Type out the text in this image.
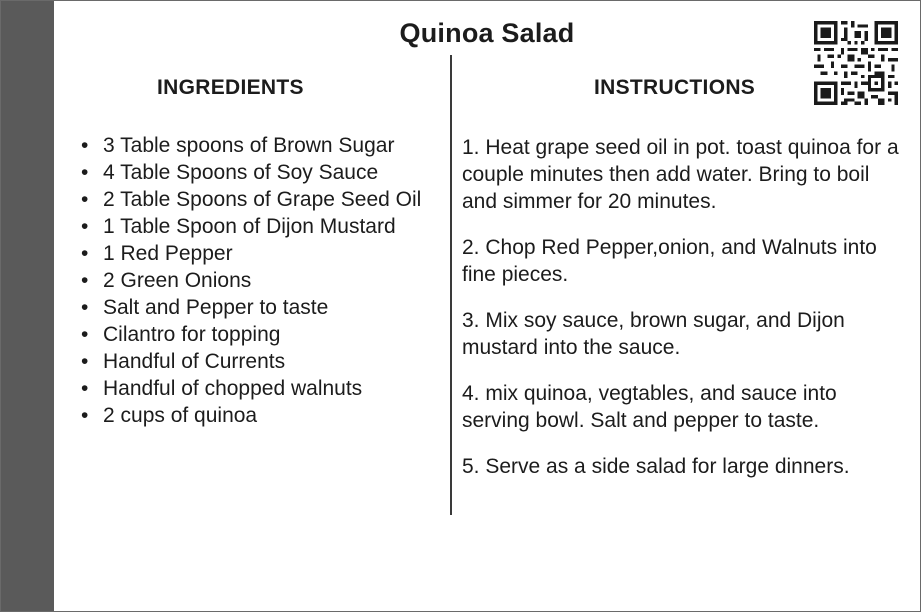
Quinoa Salad
INGREDIENTS	INSTRUCTIONS
• 3 Table spoons of Brown Sugar
• 4 Table Spoons of Soy Sauce
• 2 Table Spoons of Grape Seed Oil
• 1 Table Spoon of Dijon Mustard
• 1 Red Pepper
• 2 Green Onions
• Salt and Pepper to taste
• Cilantro for topping
• Handful of Currents
• Handful of chopped walnuts
• 2 cups of quinoa

1. Heat grape seed oil in pot. toast quinoa for a couple minutes then add water. Bring to boil and simmer for 20 minutes.

2. Chop Red Pepper,onion, and Walnuts into fine pieces.

3. Mix soy sauce, brown sugar, and Dijon mustard into the sauce.

4. mix quinoa, vegtables, and sauce into serving bowl. Salt and pepper to taste.

5. Serve as a side salad for large dinners.
